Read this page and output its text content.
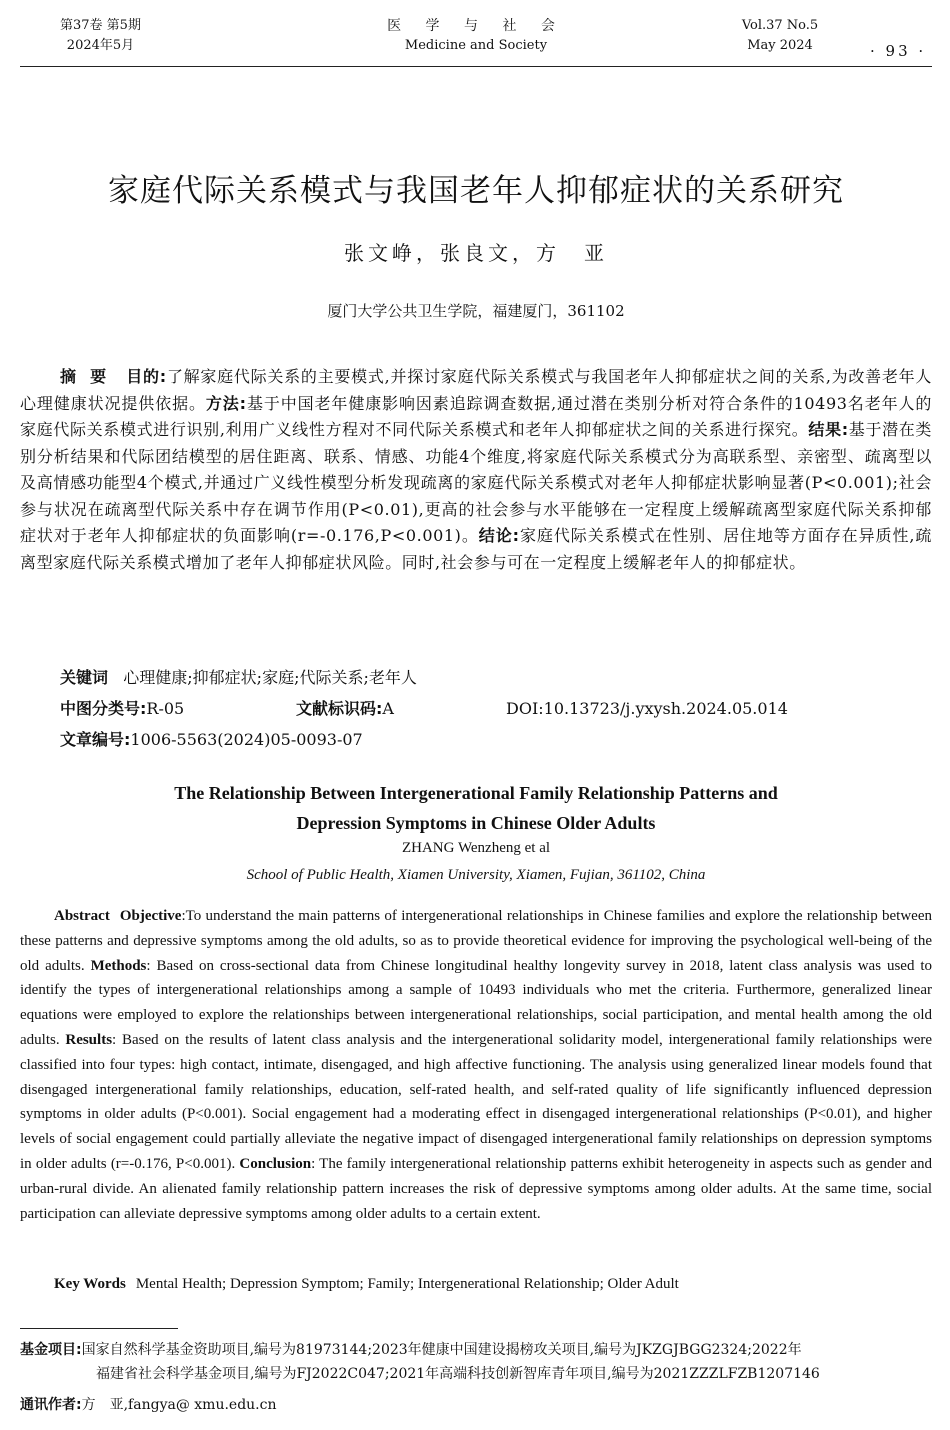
第37卷 第5期
2024年5月
医 学 与 社 会
Medicine and Society
Vol.37 No.5
May 2024	· 93 ·
家庭代际关系模式与我国老年人抑郁症状的关系研究
张文峥，张良文，方　亚
厦门大学公共卫生学院，福建厦门，361102
摘要 目的:了解家庭代际关系的主要模式,并探讨家庭代际关系模式与我国老年人抑郁症状之间的关系,为改善老年人心理健康状况提供依据。方法:基于中国老年健康影响因素追踪调查数据,通过潜在类别分析对符合条件的10493名老年人的家庭代际关系模式进行识别,利用广义线性方程对不同代际关系模式和老年人抑郁症状之间的关系进行探究。结果:基于潜在类别分析结果和代际团结模型的居住距离、联系、情感、功能4个维度,将家庭代际关系模式分为高联系型、亲密型、疏离型以及高情感功能型4个模式,并通过广义线性模型分析发现疏离的家庭代际关系模式对老年人抑郁症状影响显著(P<0.001);社会参与状况在疏离型代际关系中存在调节作用(P<0.01),更高的社会参与水平能够在一定程度上缓解疏离型家庭代际关系抑郁症状对于老年人抑郁症状的负面影响(r=-0.176,P<0.001)。结论:家庭代际关系模式在性别、居住地等方面存在异质性,疏离型家庭代际关系模式增加了老年人抑郁症状风险。同时,社会参与可在一定程度上缓解老年人的抑郁症状。
关键词 心理健康;抑郁症状;家庭;代际关系;老年人
中图分类号:R-05	文献标识码:A	DOI:10.13723/j.yxysh.2024.05.014
文章编号:1006-5563(2024)05-0093-07
The Relationship Between Intergenerational Family Relationship Patterns and
Depression Symptoms in Chinese Older Adults
ZHANG Wenzheng et al
School of Public Health, Xiamen University, Xiamen, Fujian, 361102, China
Abstract Objective:To understand the main patterns of intergenerational relationships in Chinese families and explore the relationship between these patterns and depressive symptoms among the old adults, so as to provide theoretical evidence for improving the psychological well-being of the old adults. Methods: Based on cross-sectional data from Chinese longitudinal healthy longevity survey in 2018, latent class analysis was used to identify the types of intergenerational relationships among a sample of 10493 individuals who met the criteria. Furthermore, generalized linear equations were employed to explore the relationships between intergenerational relationships, social participation, and mental health among the old adults. Results: Based on the results of latent class analysis and the intergenerational solidarity model, intergenerational family relationships were classified into four types: high contact, intimate, disengaged, and high affective functioning. The analysis using generalized linear models found that disengaged intergenerational family relationships, education, self-rated health, and self-rated quality of life significantly influenced depression symptoms in older adults (P<0.001). Social engagement had a moderating effect in disengaged intergenerational relationships (P<0.01), and higher levels of social engagement could partially alleviate the negative impact of disengaged intergenerational family relationships on depression symptoms in older adults (r=-0.176, P<0.001). Conclusion: The family intergenerational relationship patterns exhibit heterogeneity in aspects such as gender and urban-rural divide. An alienated family relationship pattern increases the risk of depressive symptoms among older adults. At the same time, social participation can alleviate depressive symptoms among older adults to a certain extent.
Key Words Mental Health; Depression Symptom; Family; Intergenerational Relationship; Older Adult
基金项目:国家自然科学基金资助项目,编号为81973144;2023年健康中国建设揭榜攻关项目,编号为JKZGJBGG2324;2022年
福建省社会科学基金项目,编号为FJ2022C047;2021年高端科技创新智库青年项目,编号为2021ZZZLFZB1207146
通讯作者:方　亚,fangya@ xmu.edu.cn
